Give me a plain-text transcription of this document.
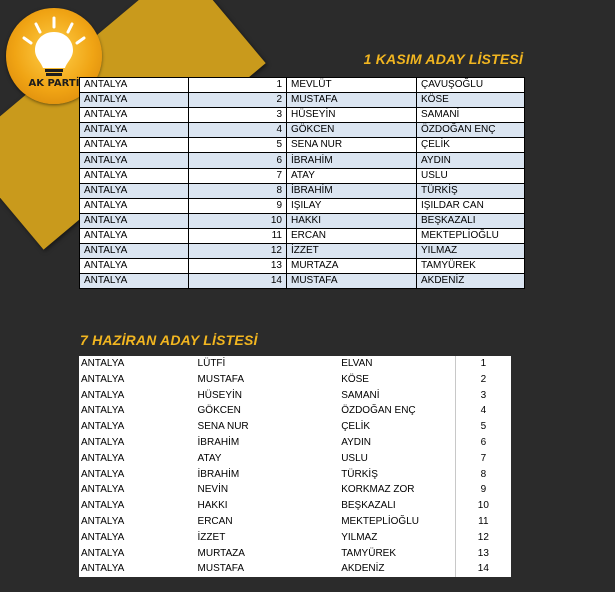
AK PARTİ
1 KASIM ADAY LİSTESİ
ANTALYA	1	MEVLÜT	ÇAVUŞOĞLU
ANTALYA	2	MUSTAFA	KÖSE
ANTALYA	3	HÜSEYİN	SAMANİ
ANTALYA	4	GÖKCEN	ÖZDOĞAN ENÇ
ANTALYA	5	SENA NUR	ÇELİK
ANTALYA	6	İBRAHİM	AYDIN
ANTALYA	7	ATAY	USLU
ANTALYA	8	İBRAHİM	TÜRKİŞ
ANTALYA	9	IŞILAY	IŞILDAR CAN
ANTALYA	10	HAKKI	BEŞKAZALI
ANTALYA	11	ERCAN	MEKTEPLİOĞLU
ANTALYA	12	İZZET	YILMAZ
ANTALYA	13	MURTAZA	TAMYÜREK
ANTALYA	14	MUSTAFA	AKDENİZ
7 HAZİRAN ADAY LİSTESİ
ANTALYA	LÜTFİ	ELVAN	1
ANTALYA	MUSTAFA	KÖSE	2
ANTALYA	HÜSEYİN	SAMANİ	3
ANTALYA	GÖKCEN	ÖZDOĞAN ENÇ	4
ANTALYA	SENA NUR	ÇELİK	5
ANTALYA	İBRAHİM	AYDIN	6
ANTALYA	ATAY	USLU	7
ANTALYA	İBRAHİM	TÜRKİŞ	8
ANTALYA	NEVİN	KORKMAZ ZOR	9
ANTALYA	HAKKI	BEŞKAZALI	10
ANTALYA	ERCAN	MEKTEPLİOĞLU	11
ANTALYA	İZZET	YILMAZ	12
ANTALYA	MURTAZA	TAMYÜREK	13
ANTALYA	MUSTAFA	AKDENİZ	14
